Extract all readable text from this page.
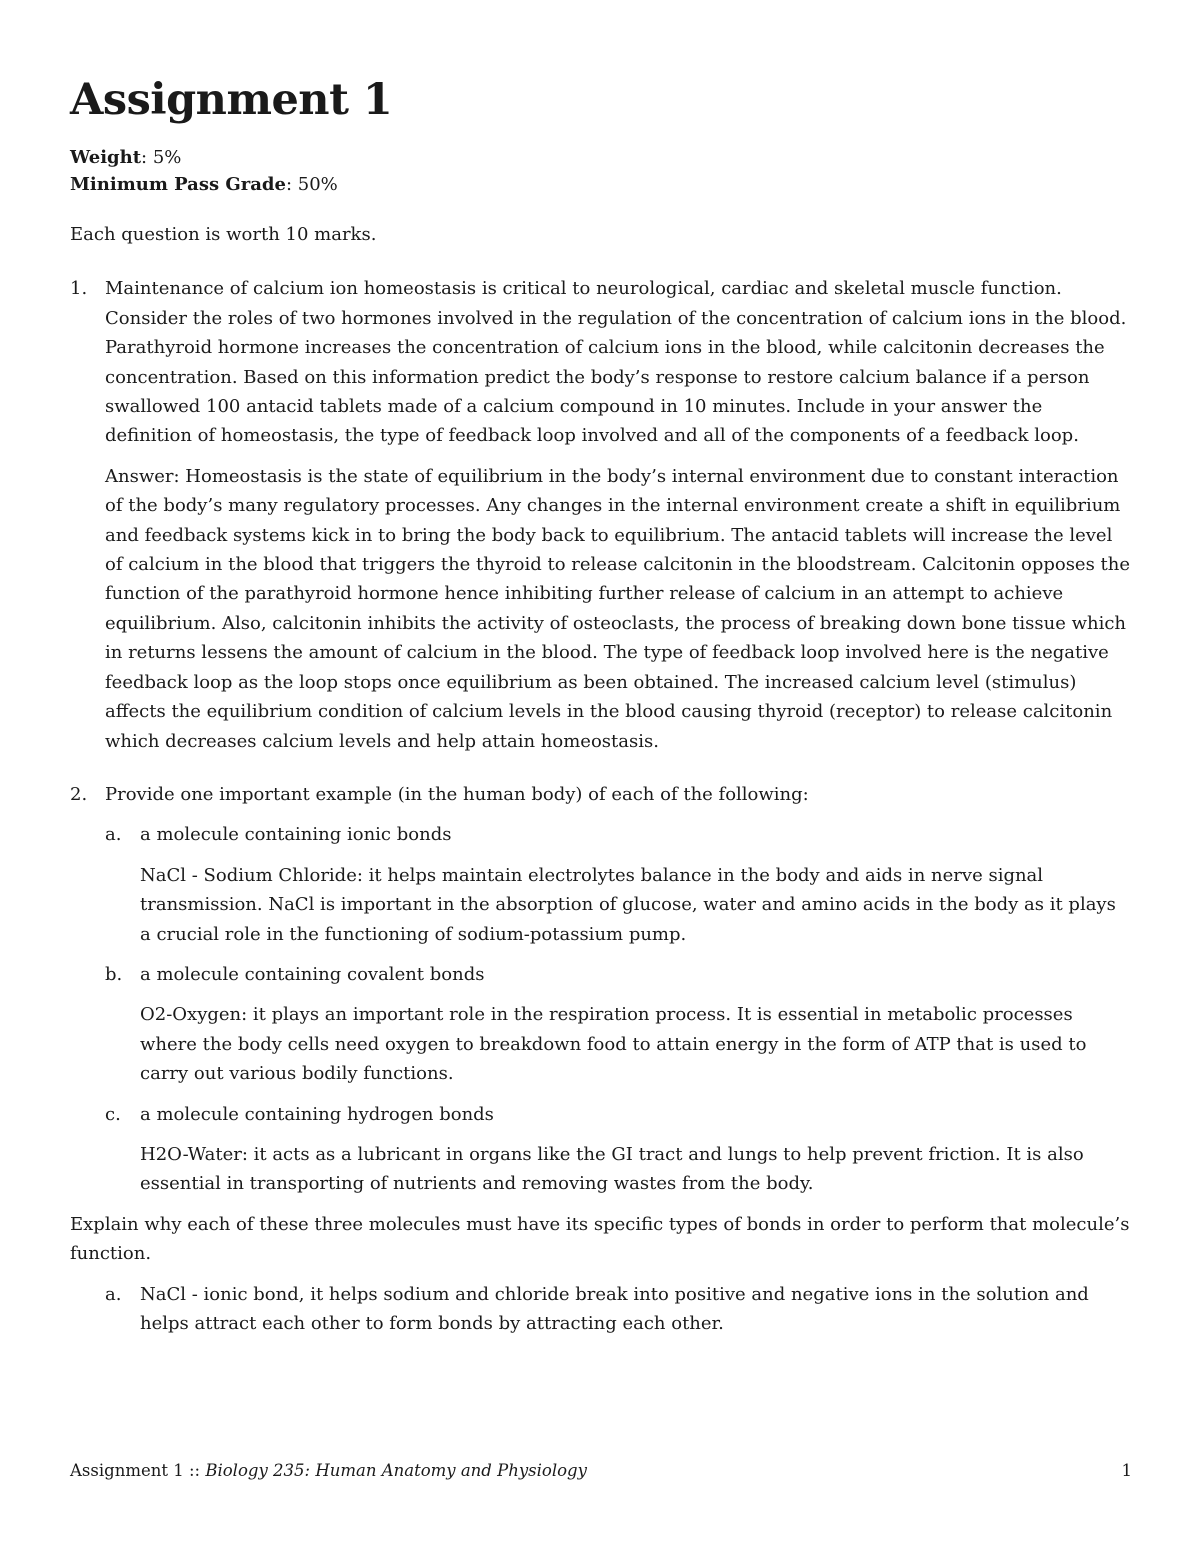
Assignment 1
Weight: 5%
Minimum Pass Grade: 50%

Each question is worth 10 marks.

1. Maintenance of calcium ion homeostasis is critical to neurological, cardiac and skeletal muscle function. Consider the roles of two hormones involved in the regulation of the concentration of calcium ions in the blood. Parathyroid hormone increases the concentration of calcium ions in the blood, while calcitonin decreases the concentration. Based on this information predict the body’s response to restore calcium balance if a person swallowed 100 antacid tablets made of a calcium compound in 10 minutes. Include in your answer the definition of homeostasis, the type of feedback loop involved and all of the components of a feedback loop.

Answer: Homeostasis is the state of equilibrium in the body’s internal environment due to constant interaction of the body’s many regulatory processes. Any changes in the internal environment create a shift in equilibrium and feedback systems kick in to bring the body back to equilibrium. The antacid tablets will increase the level of calcium in the blood that triggers the thyroid to release calcitonin in the bloodstream. Calcitonin opposes the function of the parathyroid hormone hence inhibiting further release of calcium in an attempt to achieve equilibrium. Also, calcitonin inhibits the activity of osteoclasts, the process of breaking down bone tissue which in returns lessens the amount of calcium in the blood. The type of feedback loop involved here is the negative feedback loop as the loop stops once equilibrium as been obtained. The increased calcium level (stimulus) affects the equilibrium condition of calcium levels in the blood causing thyroid (receptor) to release calcitonin which decreases calcium levels and help attain homeostasis.

2. Provide one important example (in the human body) of each of the following:

a. a molecule containing ionic bonds

NaCl - Sodium Chloride: it helps maintain electrolytes balance in the body and aids in nerve signal transmission. NaCl is important in the absorption of glucose, water and amino acids in the body as it plays a crucial role in the functioning of sodium-potassium pump.

b. a molecule containing covalent bonds

O2-Oxygen: it plays an important role in the respiration process. It is essential in metabolic processes where the body cells need oxygen to breakdown food to attain energy in the form of ATP that is used to carry out various bodily functions.

c. a molecule containing hydrogen bonds

H2O-Water: it acts as a lubricant in organs like the GI tract and lungs to help prevent friction. It is also essential in transporting of nutrients and removing wastes from the body.

Explain why each of these three molecules must have its specific types of bonds in order to perform that molecule’s function.

a. NaCl - ionic bond, it helps sodium and chloride break into positive and negative ions in the solution and helps attract each other to form bonds by attracting each other.

Assignment 1 :: Biology 235: Human Anatomy and Physiology	1
